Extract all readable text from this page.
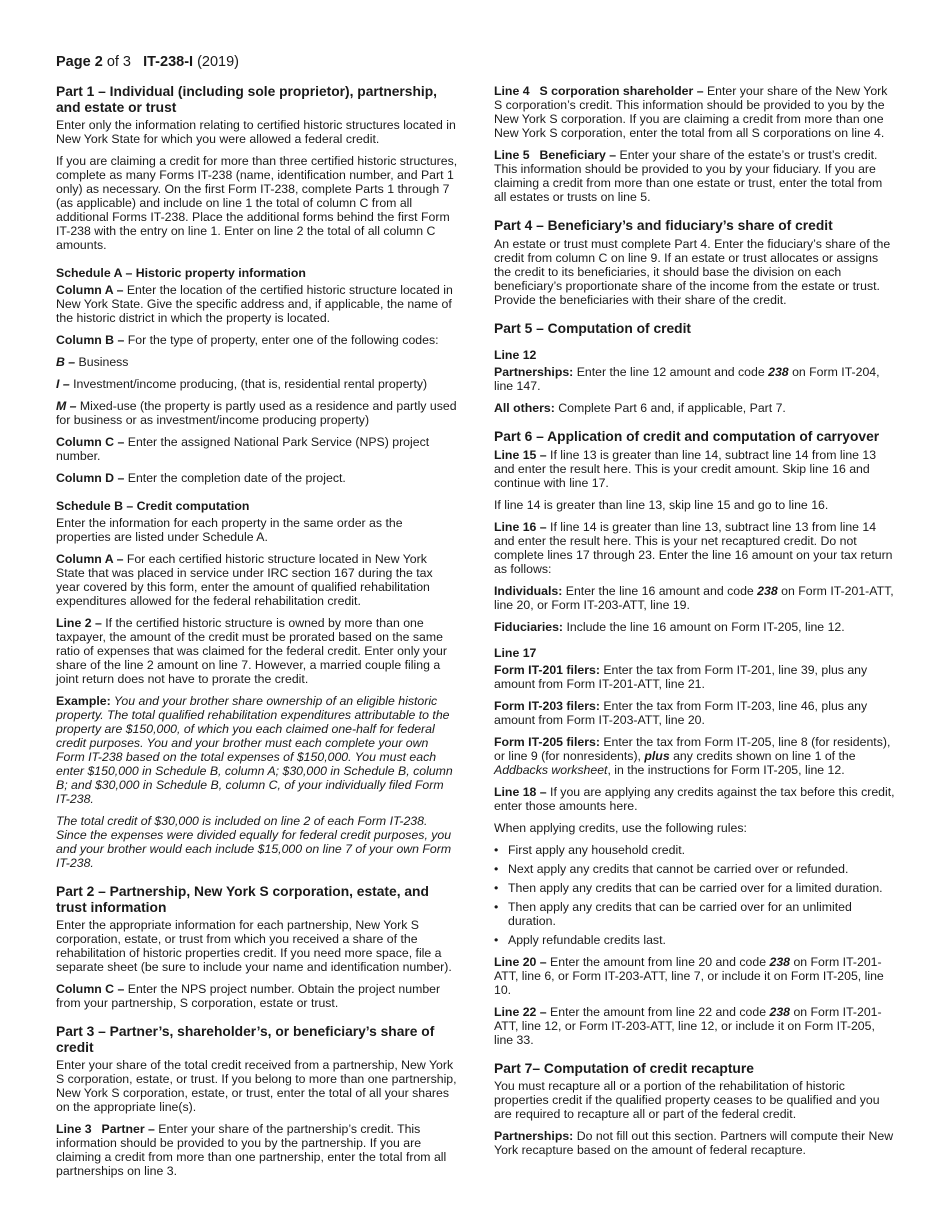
Page 2 of 3 IT-238-I (2019)
Part 1 – Individual (including sole proprietor), partnership, and estate or trust

Enter only the information relating to certified historic structures located in New York State for which you were allowed a federal credit.

If you are claiming a credit for more than three certified historic structures, complete as many Forms IT-238 (name, identification number, and Part 1 only) as necessary. On the first Form IT-238, complete Parts 1 through 7 (as applicable) and include on line 1 the total of column C from all additional Forms IT-238. Place the additional forms behind the first Form IT-238 with the entry on line 1. Enter on line 2 the total of all column C amounts.

Schedule A – Historic property information

Column A – Enter the location of the certified historic structure located in New York State. Give the specific address and, if applicable, the name of the historic district in which the property is located.

Column B – For the type of property, enter one of the following codes:

B – Business

I – Investment/income producing, (that is, residential rental property)

M – Mixed-use (the property is partly used as a residence and partly used for business or as investment/income producing property)

Column C – Enter the assigned National Park Service (NPS) project number.

Column D – Enter the completion date of the project.

Schedule B – Credit computation

Enter the information for each property in the same order as the properties are listed under Schedule A.

Column A – For each certified historic structure located in New York State that was placed in service under IRC section 167 during the tax year covered by this form, enter the amount of qualified rehabilitation expenditures allowed for the federal rehabilitation credit.

Line 2 – If the certified historic structure is owned by more than one taxpayer, the amount of the credit must be prorated based on the same ratio of expenses that was claimed for the federal credit. Enter only your share of the line 2 amount on line 7. However, a married couple filing a joint return does not have to prorate the credit.

Example: You and your brother share ownership of an eligible historic property. The total qualified rehabilitation expenditures attributable to the property are $150,000, of which you each claimed one-half for federal credit purposes. You and your brother must each complete your own Form IT-238 based on the total expenses of $150,000. You must each enter $150,000 in Schedule B, column A; $30,000 in Schedule B, column B; and $30,000 in Schedule B, column C, of your individually filed Form IT-238.

The total credit of $30,000 is included on line 2 of each Form IT-238. Since the expenses were divided equally for federal credit purposes, you and your brother would each include $15,000 on line 7 of your own Form IT-238.

Part 2 – Partnership, New York S corporation, estate, and trust information

Enter the appropriate information for each partnership, New York S corporation, estate, or trust from which you received a share of the rehabilitation of historic properties credit. If you need more space, file a separate sheet (be sure to include your name and identification number).

Column C – Enter the NPS project number. Obtain the project number from your partnership, S corporation, estate or trust.

Part 3 – Partner’s, shareholder’s, or beneficiary’s share of credit

Enter your share of the total credit received from a partnership, New York S corporation, estate, or trust. If you belong to more than one partnership, New York S corporation, estate, or trust, enter the total of all your shares on the appropriate line(s).

Line 3 Partner – Enter your share of the partnership’s credit. This information should be provided to you by the partnership. If you are claiming a credit from more than one partnership, enter the total from all partnerships on line 3.

Line 4 S corporation shareholder – Enter your share of the New York S corporation’s credit. This information should be provided to you by the New York S corporation. If you are claiming a credit from more than one New York S corporation, enter the total from all S corporations on line 4.

Line 5 Beneficiary – Enter your share of the estate’s or trust’s credit. This information should be provided to you by your fiduciary. If you are claiming a credit from more than one estate or trust, enter the total from all estates or trusts on line 5.

Part 4 – Beneficiary’s and fiduciary’s share of credit

An estate or trust must complete Part 4. Enter the fiduciary’s share of the credit from column C on line 9. If an estate or trust allocates or assigns the credit to its beneficiaries, it should base the division on each beneficiary’s proportionate share of the income from the estate or trust. Provide the beneficiaries with their share of the credit.

Part 5 – Computation of credit
Line 12

Partnerships: Enter the line 12 amount and code 238 on Form IT-204, line 147.

All others: Complete Part 6 and, if applicable, Part 7.

Part 6 – Application of credit and computation of carryover

Line 15 – If line 13 is greater than line 14, subtract line 14 from line 13 and enter the result here. This is your credit amount. Skip line 16 and continue with line 17.

If line 14 is greater than line 13, skip line 15 and go to line 16.

Line 16 – If line 14 is greater than line 13, subtract line 13 from line 14 and enter the result here. This is your net recaptured credit. Do not complete lines 17 through 23. Enter the line 16 amount on your tax return as follows:

Individuals: Enter the line 16 amount and code 238 on Form IT-201-ATT, line 20, or Form IT-203-ATT, line 19.

Fiduciaries: Include the line 16 amount on Form IT-205, line 12.

Line 17

Form IT-201 filers: Enter the tax from Form IT-201, line 39, plus any amount from Form IT-201-ATT, line 21.

Form IT-203 filers: Enter the tax from Form IT-203, line 46, plus any amount from Form IT-203-ATT, line 20.

Form IT-205 filers: Enter the tax from Form IT-205, line 8 (for residents), or line 9 (for nonresidents), plus any credits shown on line 1 of the Addbacks worksheet, in the instructions for Form IT-205, line 12.

Line 18 – If you are applying any credits against the tax before this credit, enter those amounts here.

When applying credits, use the following rules:

• First apply any household credit.
• Next apply any credits that cannot be carried over or refunded.
• Then apply any credits that can be carried over for a limited duration.
• Then apply any credits that can be carried over for an unlimited duration.
• Apply refundable credits last.

Line 20 – Enter the amount from line 20 and code 238 on Form IT-201-ATT, line 6, or Form IT-203-ATT, line 7, or include it on Form IT-205, line 10.

Line 22 – Enter the amount from line 22 and code 238 on Form IT-201-ATT, line 12, or Form IT-203-ATT, line 12, or include it on Form IT-205, line 33.

Part 7– Computation of credit recapture

You must recapture all or a portion of the rehabilitation of historic properties credit if the qualified property ceases to be qualified and you are required to recapture all or part of the federal credit.

Partnerships: Do not fill out this section. Partners will compute their New York recapture based on the amount of federal recapture.
